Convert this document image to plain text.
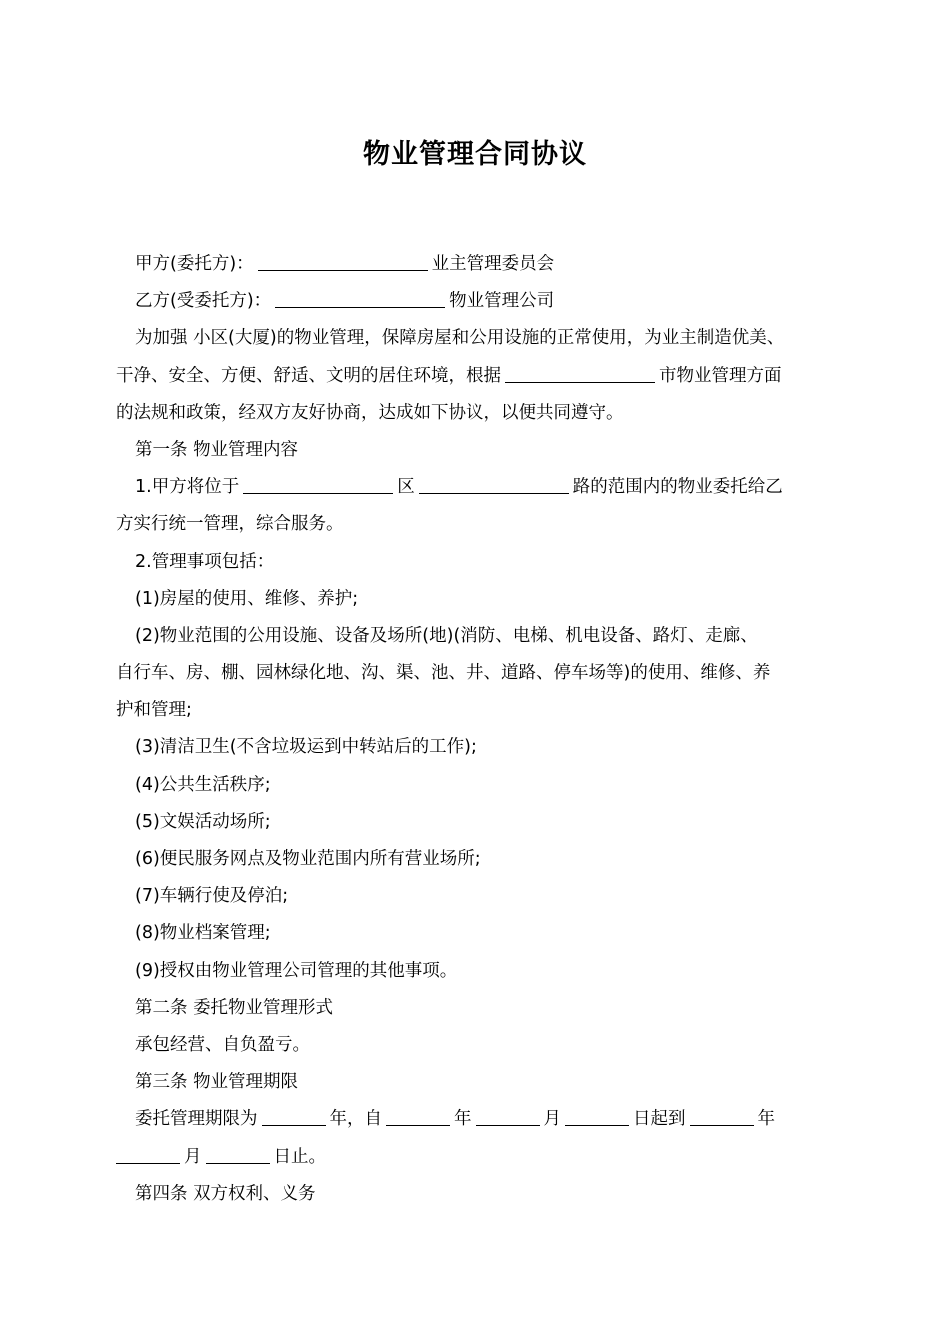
物业管理合同协议
甲方(委托方)：	业主管理委员会
乙方(受委托方)：	物业管理公司
为加强 小区(大厦)的物业管理，保障房屋和公用设施的正常使用，为业主制造优美、
干净、安全、方便、舒适、文明的居住环境，根据	市物业管理方面
的法规和政策，经双方友好协商，达成如下协议，以便共同遵守。
第一条 物业管理内容
1.甲方将位于	区	路的范围内的物业委托给乙
方实行统一管理，综合服务。
2.管理事项包括：
(1)房屋的使用、维修、养护;
(2)物业范围的公用设施、设备及场所(地)(消防、电梯、机电设备、路灯、走廊、
自行车、房、棚、园林绿化地、沟、渠、池、井、道路、停车场等)的使用、维修、养
护和管理;
(3)清洁卫生(不含垃圾运到中转站后的工作);
(4)公共生活秩序;
(5)文娱活动场所;
(6)便民服务网点及物业范围内所有营业场所;
(7)车辆行使及停泊;
(8)物业档案管理;
(9)授权由物业管理公司管理的其他事项。
第二条 委托物业管理形式
承包经营、自负盈亏。
第三条 物业管理期限
委托管理期限为	年，自	年	月	日起到	年
月	日止。
第四条 双方权利、义务
